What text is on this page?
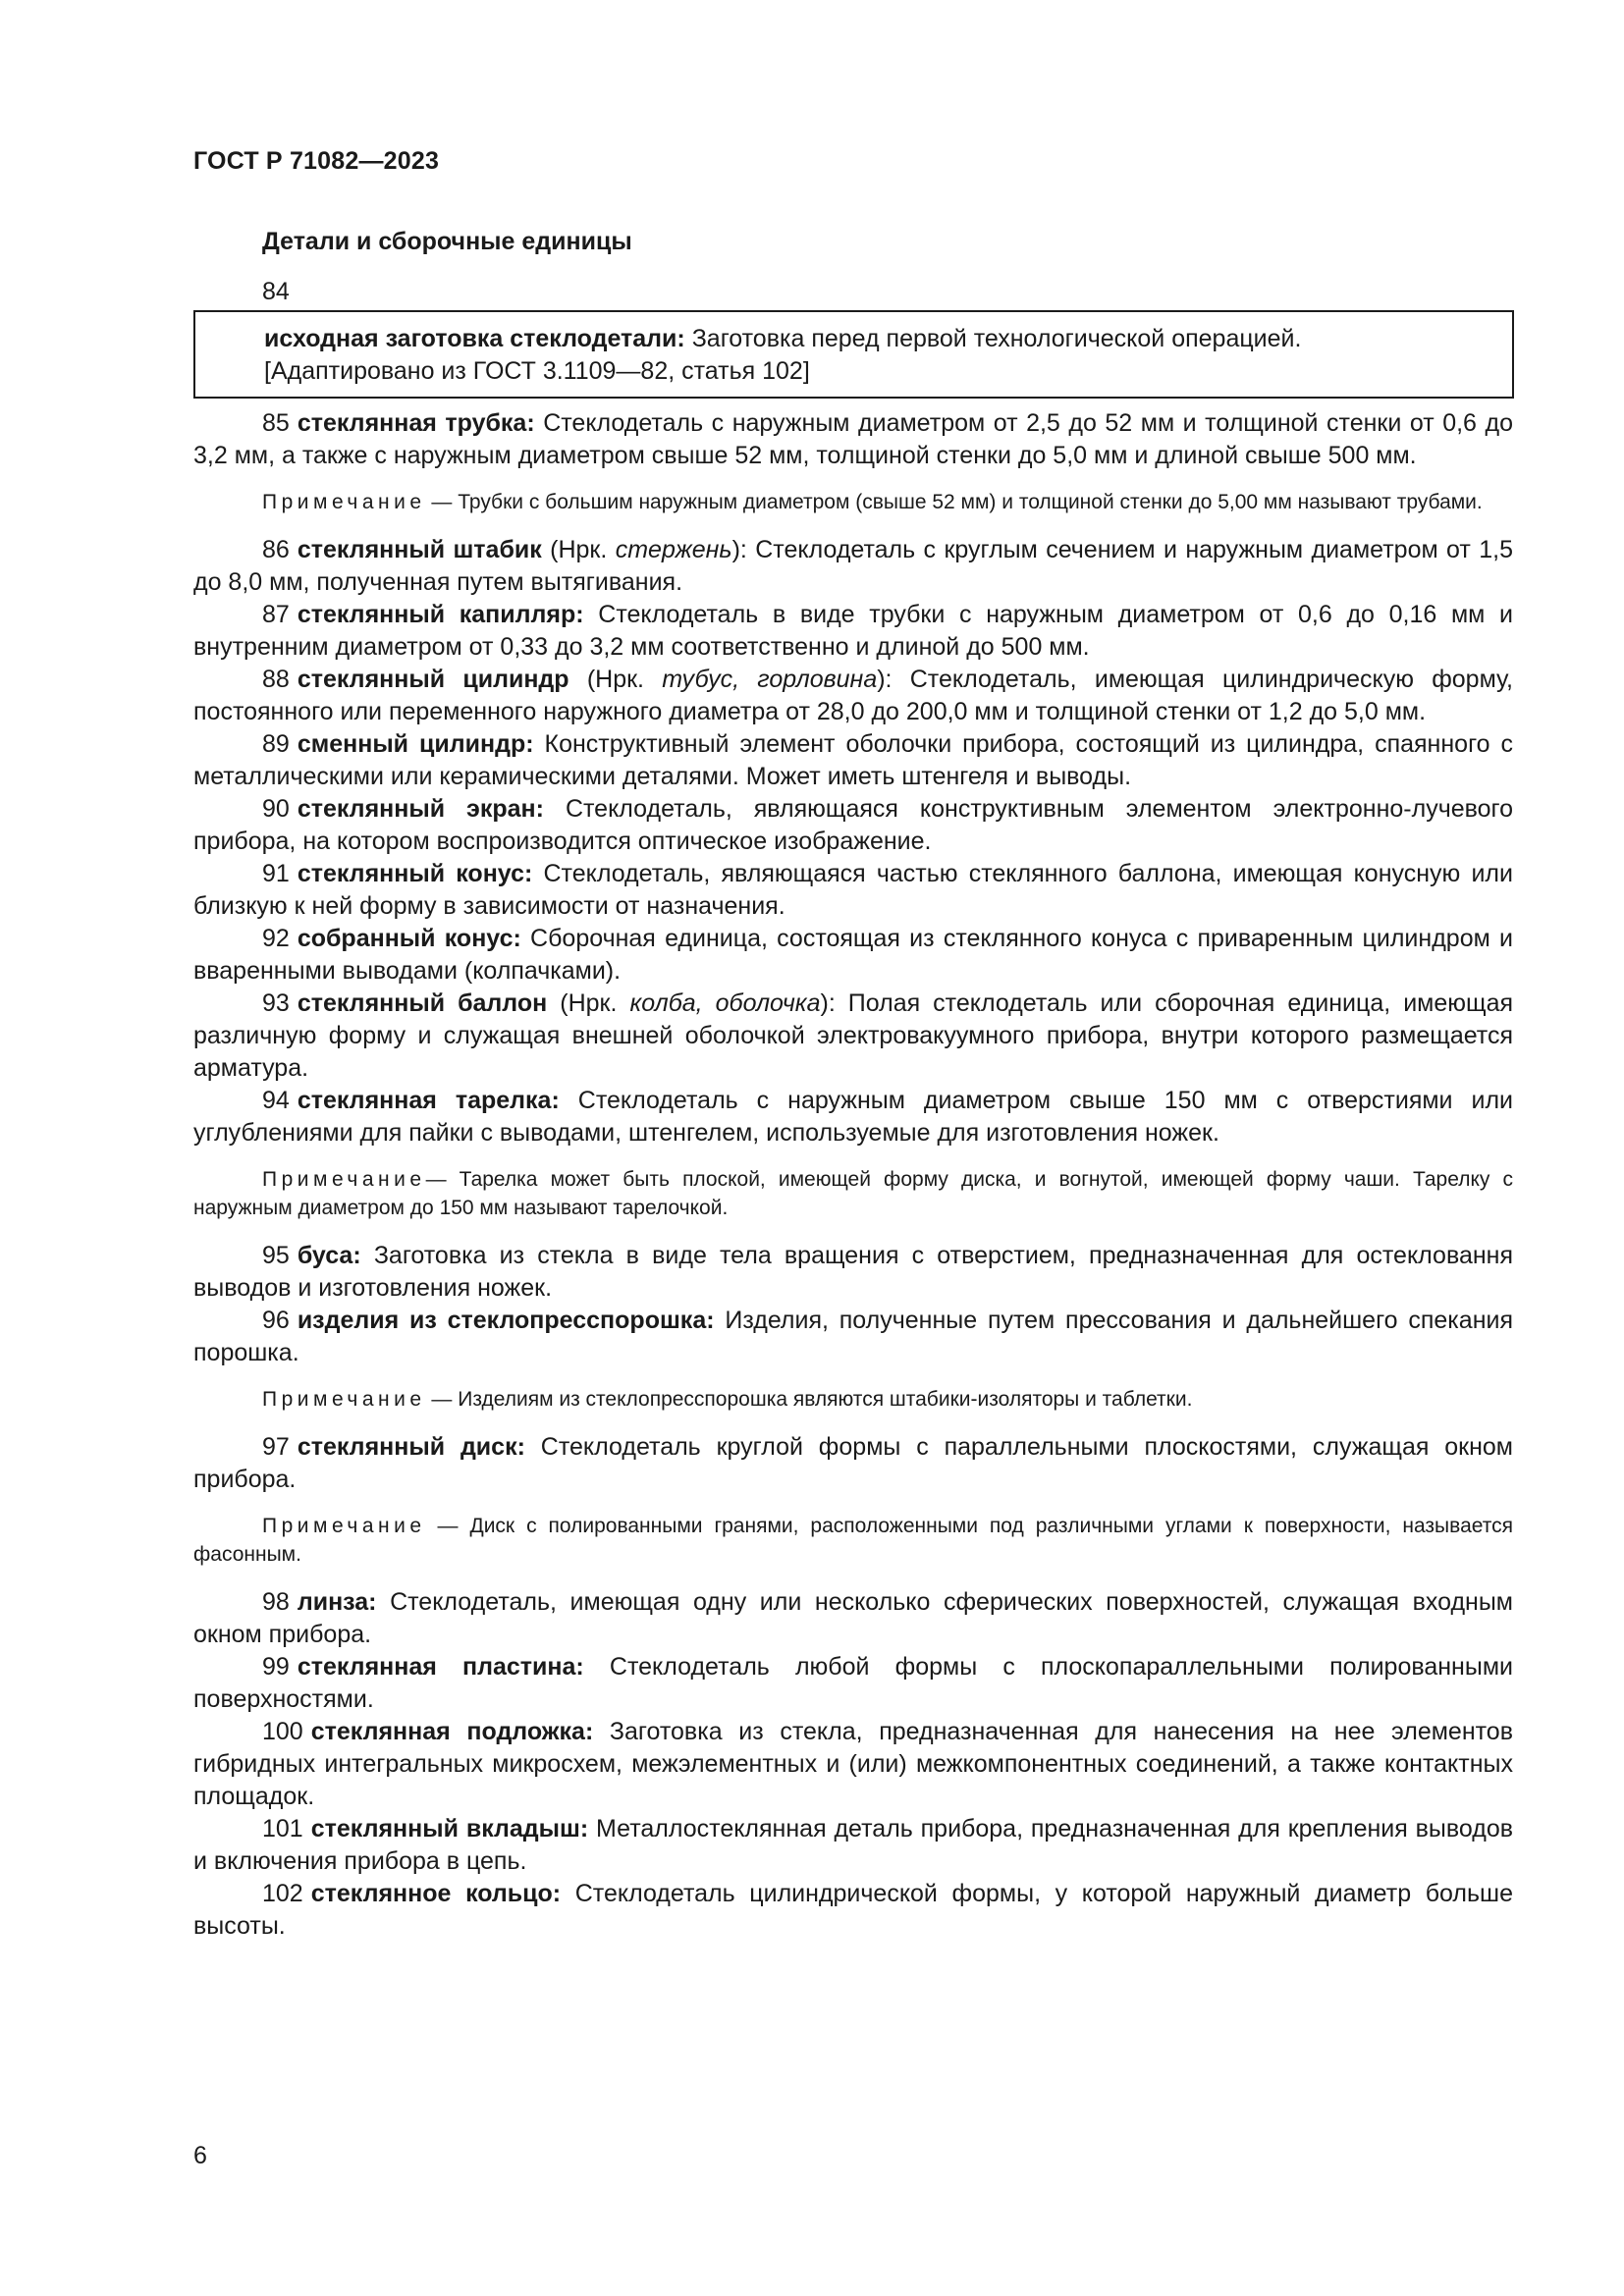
ГОСТ Р 71082—2023
Детали и сборочные единицы
84
исходная заготовка стеклодетали: Заготовка перед первой технологической операцией.
[Адаптировано из ГОСТ 3.1109—82, статья 102]

85 стеклянная трубка: Стеклодеталь с наружным диаметром от 2,5 до 52 мм и толщиной стенки от 0,6 до 3,2 мм, а также с наружным диаметром свыше 52 мм, толщиной стенки до 5,0 мм и длиной свыше 500 мм.

Примечание — Трубки с большим наружным диаметром (свыше 52 мм) и толщиной стенки до 5,00 мм называют трубами.

86 стеклянный штабик (Нрк. стержень): Стеклодеталь с круглым сечением и наружным диаметром от 1,5 до 8,0 мм, полученная путем вытягивания.

87 стеклянный капилляр: Стеклодеталь в виде трубки с наружным диаметром от 0,6 до 0,16 мм и внутренним диаметром от 0,33 до 3,2 мм соответственно и длиной до 500 мм.

88 стеклянный цилиндр (Нрк. тубус, горловина): Стеклодеталь, имеющая цилиндрическую форму, постоянного или переменного наружного диаметра от 28,0 до 200,0 мм и толщиной стенки от 1,2 до 5,0 мм.

89 сменный цилиндр: Конструктивный элемент оболочки прибора, состоящий из цилиндра, спаянного с металлическими или керамическими деталями. Может иметь штенгеля и выводы.

90 стеклянный экран: Стеклодеталь, являющаяся конструктивным элементом электронно-лучевого прибора, на котором воспроизводится оптическое изображение.

91 стеклянный конус: Стеклодеталь, являющаяся частью стеклянного баллона, имеющая конусную или близкую к ней форму в зависимости от назначения.

92 собранный конус: Сборочная единица, состоящая из стеклянного конуса с приваренным цилиндром и вваренными выводами (колпачками).

93 стеклянный баллон (Нрк. колба, оболочка): Полая стеклодеталь или сборочная единица, имеющая различную форму и служащая внешней оболочкой электровакуумного прибора, внутри которого размещается арматура.

94 стеклянная тарелка: Стеклодеталь с наружным диаметром свыше 150 мм с отверстиями или углублениями для пайки с выводами, штенгелем, используемые для изготовления ножек.

Примечание— Тарелка может быть плоской, имеющей форму диска, и вогнутой, имеющей форму чаши. Тарелку с наружным диаметром до 150 мм называют тарелочкой.

95 буса: Заготовка из стекла в виде тела вращения с отверстием, предназначенная для остекловання выводов и изготовления ножек.

96 изделия из стеклопресспорошка: Изделия, полученные путем прессования и дальнейшего спекания порошка.

Примечание — Изделиям из стеклопресспорошка являются штабики-изоляторы и таблетки.

97 стеклянный диск: Стеклодеталь круглой формы с параллельными плоскостями, служащая окном прибора.

Примечание — Диск с полированными гранями, расположенными под различными углами к поверхности, называется фасонным.

98 линза: Стеклодеталь, имеющая одну или несколько сферических поверхностей, служащая входным окном прибора.

99 стеклянная пластина: Стеклодеталь любой формы с плоскопараллельными полированными поверхностями.

100 стеклянная подложка: Заготовка из стекла, предназначенная для нанесения на нее элементов гибридных интегральных микросхем, межэлементных и (или) межкомпонентных соединений, а также контактных площадок.

101 стеклянный вкладыш: Металлостеклянная деталь прибора, предназначенная для крепления выводов и включения прибора в цепь.

102 стеклянное кольцо: Стеклодеталь цилиндрической формы, у которой наружный диаметр больше высоты.

6
